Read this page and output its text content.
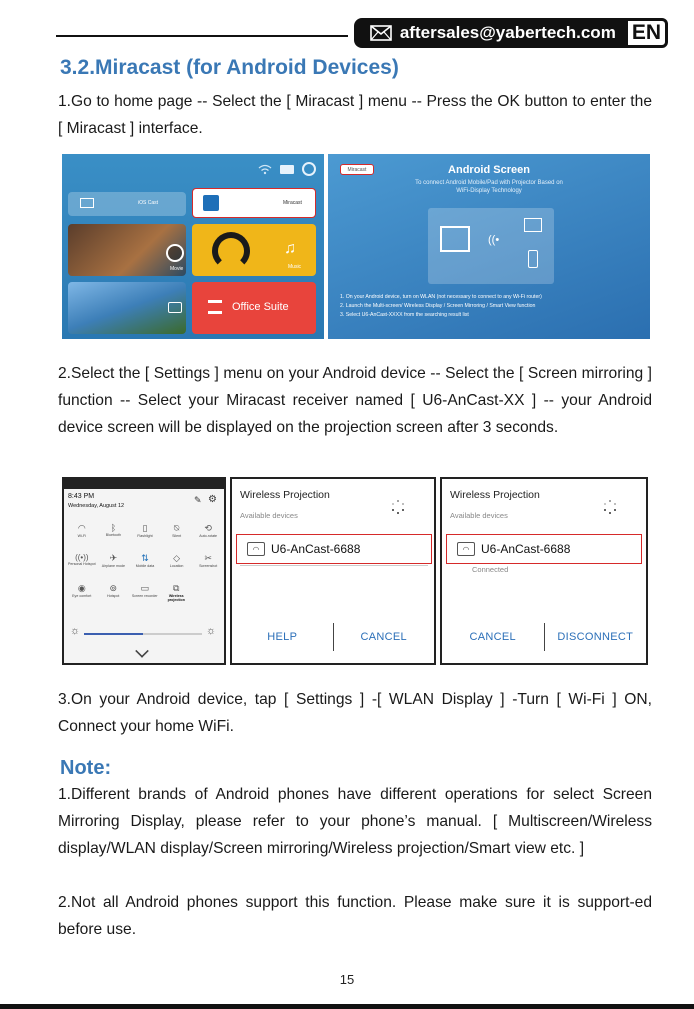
aftersales@yabertech.com EN
3.2.Miracast (for Android Devices)
1.Go to home page -- Select the [ Miracast ] menu -- Press the OK button to enter the [ Miracast ] interface.
iOS Cast	Miracast
Movie
♫
Music
Office Suite
Miracast	Android Screen
To connect Android Mobile/Pad with Projector Based on
WiFi-Display Technology
((•
1. On your Android device, turn on WLAN (not necessary to connect to any Wi-Fi router)
2. Launch the Multi-screen/ Wireless Display / Screen Mirroring / Smart View function
3. Select U6-AnCast-XXXX from the searching result list
2.Select the [ Settings ] menu on your Android device -- Select the [ Screen mirroring ] function -- Select your Miracast receiver named [ U6-AnCast-XX ] -- your Android device screen will be displayed on the projection screen after 3 seconds.
8:43 PM
Wednesday, August 12
✎ ⚙
◠
Wi-Fi
ᛒ
Bluetooth
▯
Flashlight
⍉
Silent
⟲
Auto-rotate
((•))
Personal Hotspot
✈
Airplane mode
⇅
Mobile data
◇
Location
✂
Screenshot
◉
Eye comfort
⊚
Hotspot
▭
Screen recorder
⧉
Wireless projection
☼	☼
Wireless Projection
Available devices
◠ U6-AnCast-6688
HELP	CANCEL
Wireless Projection
Available devices
◠ U6-AnCast-6688
Connected
CANCEL	DISCONNECT
3.On your Android device, tap [ Settings ] -[ WLAN Display ] -Turn [ Wi-Fi ] ON, Connect your home WiFi.
Note:
1.Different brands of Android phones have different operations for select Screen Mirroring Display, please refer to your phone’s manual. [ Multiscreen/Wireless display/WLAN display/Screen mirroring/Wireless projection/Smart view etc. ]
2.Not all Android phones support this function. Please make sure it is support-ed before use.
15
